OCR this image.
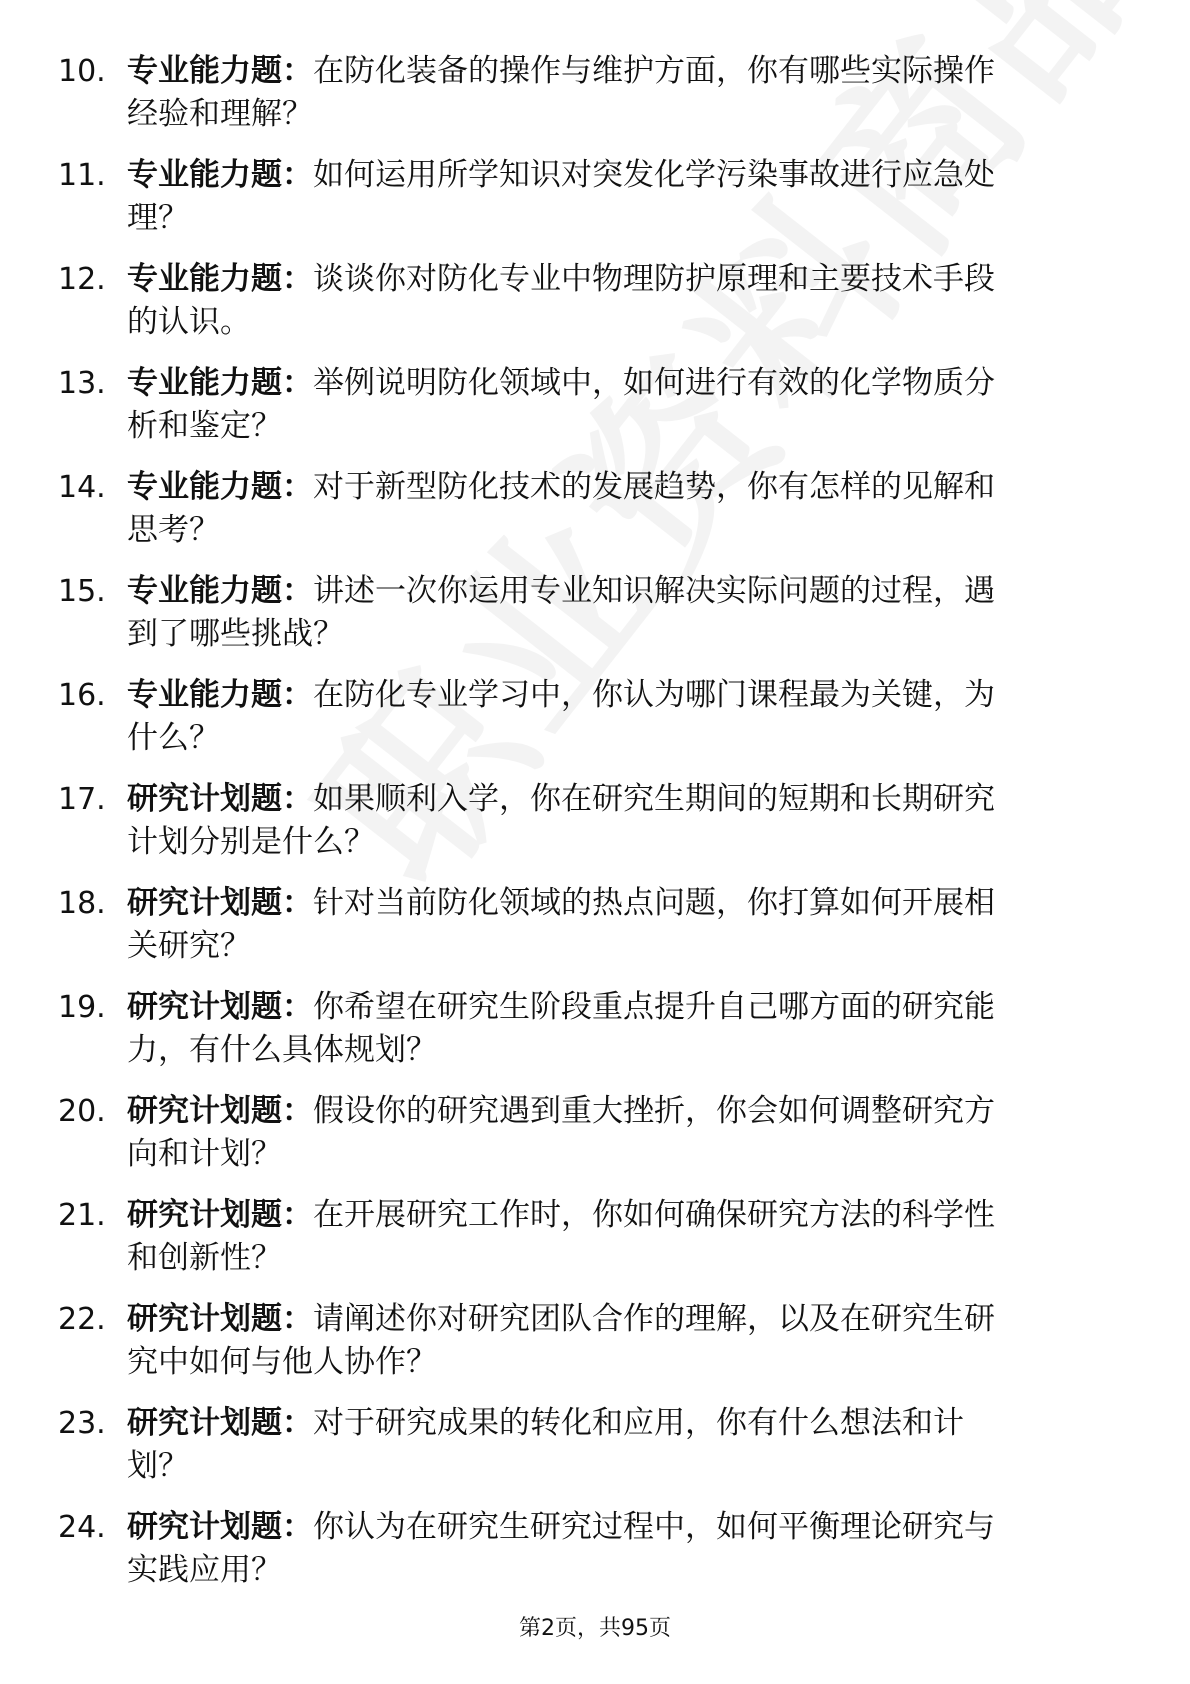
10. 专业能力题：在防化装备的操作与维护方面，你有哪些实际操作
经验和理解？
11. 专业能力题：如何运用所学知识对突发化学污染事故进行应急处
理？
12. 专业能力题：谈谈你对防化专业中物理防护原理和主要技术手段
的认识。
13. 专业能力题：举例说明防化领域中，如何进行有效的化学物质分
析和鉴定？
14. 专业能力题：对于新型防化技术的发展趋势，你有怎样的见解和
思考？
15. 专业能力题：讲述一次你运用专业知识解决实际问题的过程，遇
到了哪些挑战？
16. 专业能力题：在防化专业学习中，你认为哪门课程最为关键，为
什么？
17. 研究计划题：如果顺利入学，你在研究生期间的短期和长期研究
计划分别是什么？
18. 研究计划题：针对当前防化领域的热点问题，你打算如何开展相
关研究？
19. 研究计划题：你希望在研究生阶段重点提升自己哪方面的研究能
力，有什么具体规划？
20. 研究计划题：假设你的研究遇到重大挫折，你会如何调整研究方
向和计划？
21. 研究计划题：在开展研究工作时，你如何确保研究方法的科学性
和创新性？
22. 研究计划题：请阐述你对研究团队合作的理解，以及在研究生研
究中如何与他人协作？
23. 研究计划题：对于研究成果的转化和应用，你有什么想法和计
划？
24. 研究计划题：你认为在研究生研究过程中，如何平衡理论研究与
实践应用？
第2页，共95页
